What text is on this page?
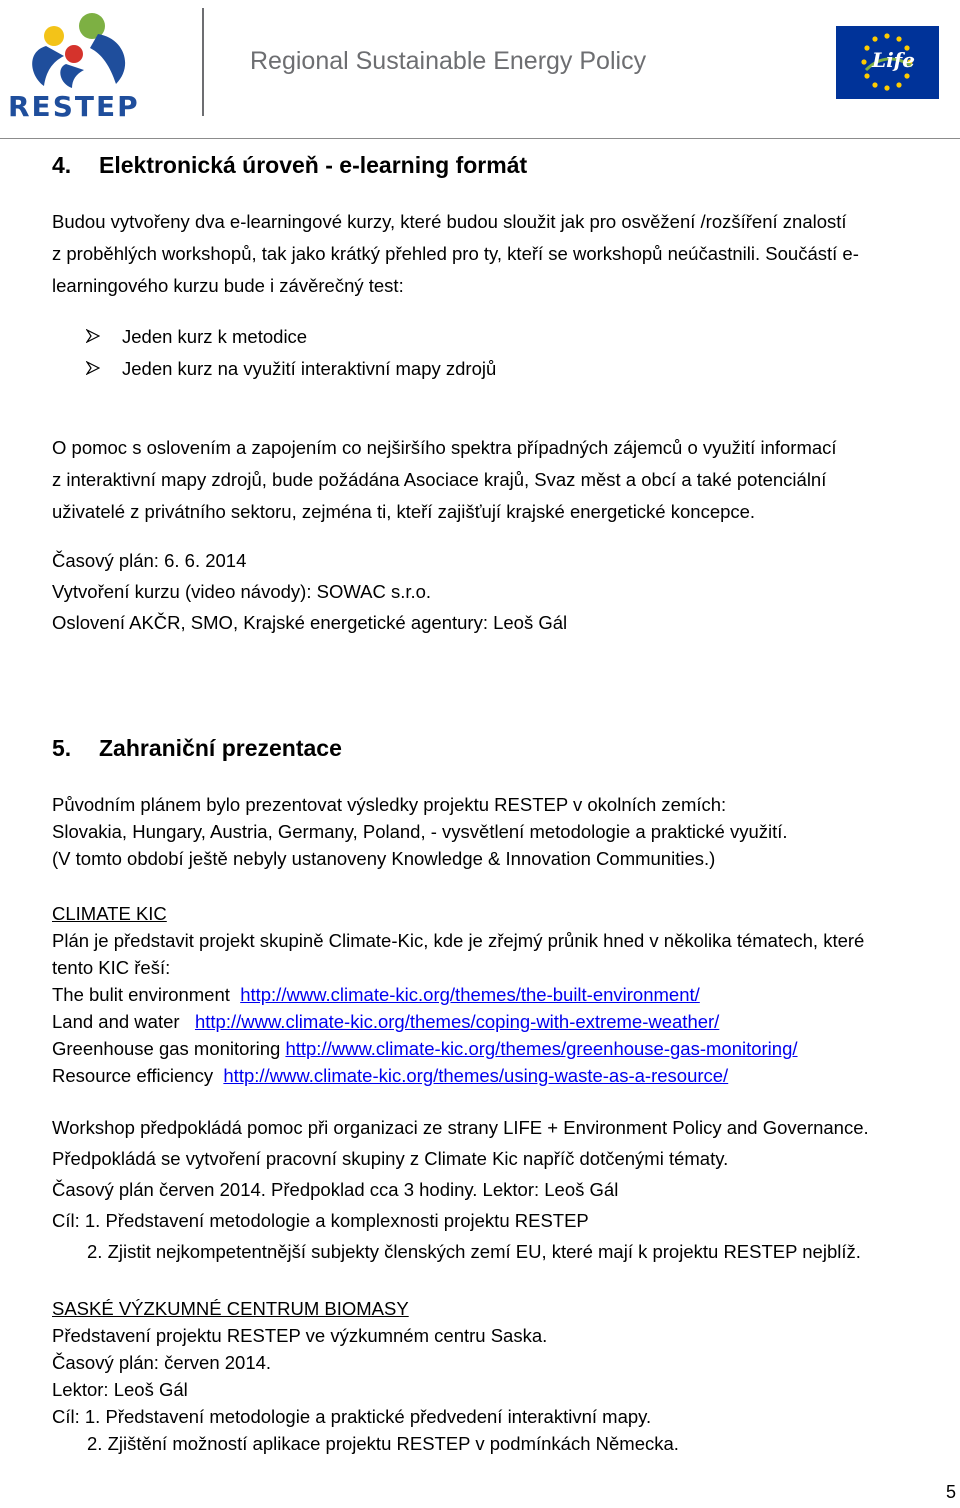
RESTEP
Regional Sustainable Energy Policy	Life
4. Elektronická úroveň - e-learning formát
Budou vytvořeny dva e-learningové kurzy, které budou sloužit jak pro osvěžení /rozšíření znalostí
z proběhlých workshopů, tak jako krátký přehled pro ty, kteří se workshopů neúčastnili. Součástí e-
learningového kurzu bude i závěrečný test:
Jeden kurz k metodice
Jeden kurz na využití interaktivní mapy zdrojů
O pomoc s oslovením a zapojením co nejširšího spektra případných zájemců o využití informací
z interaktivní mapy zdrojů, bude požádána Asociace krajů, Svaz měst a obcí a také potenciální
uživatelé z privátního sektoru, zejména ti, kteří zajišťují krajské energetické koncepce.
Časový plán: 6. 6. 2014
Vytvoření kurzu (video návody): SOWAC s.r.o.
Oslovení AKČR, SMO, Krajské energetické agentury: Leoš Gál
5. Zahraniční prezentace
Původním plánem bylo prezentovat výsledky projektu RESTEP v okolních zemích:
Slovakia, Hungary, Austria, Germany, Poland, - vysvětlení metodologie a praktické využití.
(V tomto období ještě nebyly ustanoveny Knowledge & Innovation Communities.)
CLIMATE KIC
Plán je představit projekt skupině Climate-Kic, kde je zřejmý průnik hned v několika tématech, které
tento KIC řeší:
The bulit environment  http://www.climate-kic.org/themes/the-built-environment/
Land and water   http://www.climate-kic.org/themes/coping-with-extreme-weather/
Greenhouse gas monitoring http://www.climate-kic.org/themes/greenhouse-gas-monitoring/
Resource efficiency  http://www.climate-kic.org/themes/using-waste-as-a-resource/
Workshop předpokládá pomoc při organizaci ze strany LIFE + Environment Policy and Governance.
Předpokládá se vytvoření pracovní skupiny z Climate Kic napříč dotčenými tématy.
Časový plán červen 2014. Předpoklad cca 3 hodiny. Lektor: Leoš Gál
Cíl: 1. Představení metodologie a komplexnosti projektu RESTEP
2. Zjistit nejkompetentnější subjekty členských zemí EU, které mají k projektu RESTEP nejblíž.
SASKÉ VÝZKUMNÉ CENTRUM BIOMASY
Představení projektu RESTEP ve výzkumném centru Saska.
Časový plán: červen 2014.
Lektor: Leoš Gál
Cíl: 1. Představení metodologie a praktické předvedení interaktivní mapy.
2. Zjištění možností aplikace projektu RESTEP v podmínkách Německa.
5
